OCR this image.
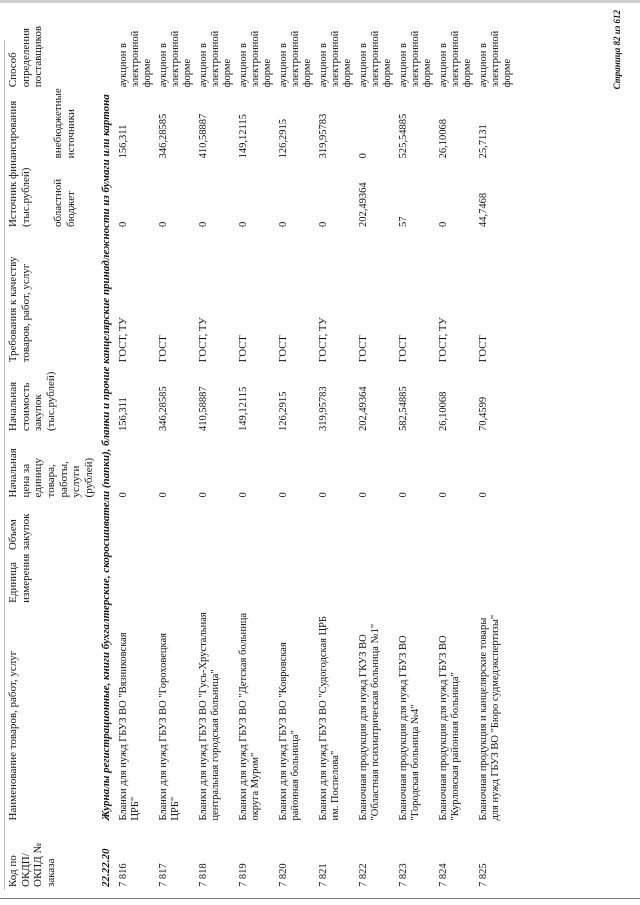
Код по ОКДП/ ОКПД № заказа	Наименование товаров, работ, услуг	Единица измерения	Объем закупок	Начальная цена за единицу товара, работы, услуги (рублей)	Начальная стоимость закупок (тыс.рублей)	Требования к качеству товаров, работ, услуг	Источник финансирования (тыс.рублей)		Способ определения поставщиков
							областной бюджет	внебюджетные источники	
22.22.20	Журналы регистрационные, книги бухгалтерские, скоросшиватели (папки), бланки и прочие канцелярские принадлежности из бумаги или картона								
7 816	Бланки для нужд ГБУЗ ВО "Вязниковская ЦРБ"			0	156,311	ГОСТ, ТУ	0	156,311	аукцион в электронной форме
7 817	Бланки для нужд ГБУЗ ВО "Гороховецкая ЦРБ"			0	346,28585	ГОСТ	0	346,28585	аукцион в электронной форме
7 818	Бланки для нужд ГБУЗ ВО "Гусь-Хрустальная центральная городская больница"			0	410,58887	ГОСТ, ТУ	0	410,58887	аукцион в электронной форме
7 819	Бланки для нужд ГБУЗ ВО "Детская больница округа Муром"			0	149,12115	ГОСТ	0	149,12115	аукцион в электронной форме
7 820	Бланки для нужд ГБУЗ ВО "Ковровская районная больница"			0	126,2915	ГОСТ	0	126,2915	аукцион в электронной форме
7 821	Бланки для нужд ГБУЗ ВО "Судогодская ЦРБ им. Поспелова"			0	319,95783	ГОСТ, ТУ	0	319,95783	аукцион в электронной форме
7 822	Бланочная продукция для нужд ГКУЗ ВО "Областная психиатрическая больница №1"			0	202,49364	ГОСТ	202,49364	0	аукцион в электронной форме
7 823	Бланочная продукция для нужд ГБУЗ ВО "Городская больница №4"			0	582,54885	ГОСТ	57	525,54885	аукцион в электронной форме
7 824	Бланочная продукция для нужд ГБУЗ ВО "Курловская районная больница"			0	26,10068	ГОСТ, ТУ	0	26,10068	аукцион в электронной форме
7 825	Бланочная продукция и канцелярские товары для нужд ГБУЗ ВО "Бюро судмедэкспертизы"			0	70,4599	ГОСТ	44,7468	25,7131	аукцион в электронной форме	Страница 82 из 612
